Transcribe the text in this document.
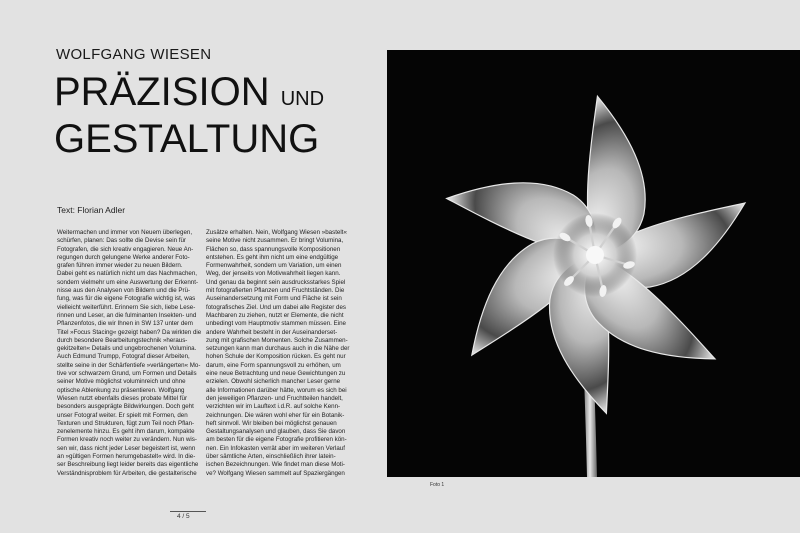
WOLFGANG WIESEN
PRÄZISION UND
GESTALTUNG
Text: Florian Adler
Weitermachen und immer von Neuem überlegen,
schürfen, planen: Das sollte die Devise sein für
Fotografen, die sich kreativ engagieren. Neue An-
regungen durch gelungene Werke anderer Foto-
grafen führen immer wieder zu neuen Bildern.
Dabei geht es natürlich nicht um das Nachmachen,
sondern vielmehr um eine Auswertung der Erkennt-
nisse aus den Analysen von Bildern und die Prü-
fung, was für die eigene Fotografie wichtig ist, was
vielleicht weiterführt. Erinnern Sie sich, liebe Lese-
rinnen und Leser, an die fulminanten Insekten- und
Pflanzenfotos, die wir Ihnen in SW 137 unter dem
Titel »Focus Stacing« gezeigt haben? Da wirkten die
durch besondere Bearbeitungstechnik »heraus-
gekitzelten« Details und ungebrochenen Volumina.
Auch Edmund Trumpp, Fotograf dieser Arbeiten,
stellte seine in der Schärfentiefe »verlängerten« Mo-
tive vor schwarzem Grund, um Formen und Details
seiner Motive möglichst voluminreich und ohne
optische Ablenkung zu präsentieren. Wolfgang
Wiesen nutzt ebenfalls dieses probate Mittel für
besonders ausgeprägte Bildwirkungen. Doch geht
unser Fotograf weiter. Er spielt mit Formen, den
Texturen und Strukturen, fügt zum Teil noch Pflan-
zenelemente hinzu. Es geht ihm darum, kompakte
Formen kreativ noch weiter zu verändern. Nun wis-
sen wir, dass nicht jeder Leser begeistert ist, wenn
an »gültigen Formen herumgebastelt« wird. In die-
ser Beschreibung liegt leider bereits das eigentliche
Verständnisproblem für Arbeiten, die gestalterische
Zusätze erhalten. Nein, Wolfgang Wiesen »bastelt«
seine Motive nicht zusammen. Er bringt Volumina,
Flächen so, dass spannungsvolle Kompositionen
entstehen. Es geht ihm nicht um eine endgültige
Formenwahrheit, sondern um Variation, um einen
Weg, der jenseits von Motivwahrheit liegen kann.
Und genau da beginnt sein ausdrucksstarkes Spiel
mit fotografierten Pflanzen und Fruchtständen. Die
Auseinandersetzung mit Form und Fläche ist sein
fotografisches Ziel. Und um dabei alle Register des
Machbaren zu ziehen, nutzt er Elemente, die nicht
unbedingt vom Hauptmotiv stammen müssen. Eine
andere Wahrheit besteht in der Auseinanderset-
zung mit grafischen Momenten. Solche Zusammen-
setzungen kann man durchaus auch in die Nähe der
hohen Schule der Komposition rücken. Es geht nur
darum, eine Form spannungsvoll zu erhöhen, um
eine neue Betrachtung und neue Gewichtungen zu
erzielen. Obwohl sicherlich mancher Leser gerne
alle Informationen darüber hätte, worum es sich bei
den jeweiligen Pflanzen- und Fruchtteilen handelt,
verzichten wir im Lauftext i.d.R. auf solche Kenn-
zeichnungen. Die wären wohl eher für ein Botanik-
heft sinnvoll. Wir bleiben bei möglichst genauen
Gestaltungsanalysen und glauben, dass Sie davon
am besten für die eigene Fotografie profitieren kön-
nen. Ein Infokasten verrät aber im weiteren Verlauf
über sämtliche Arten, einschließlich ihrer latein-
ischen Bezeichnungen. Wie findet man diese Moti-
ve? Wolfgang Wiesen sammelt auf Spaziergängen
Foto 1
4 / 5
